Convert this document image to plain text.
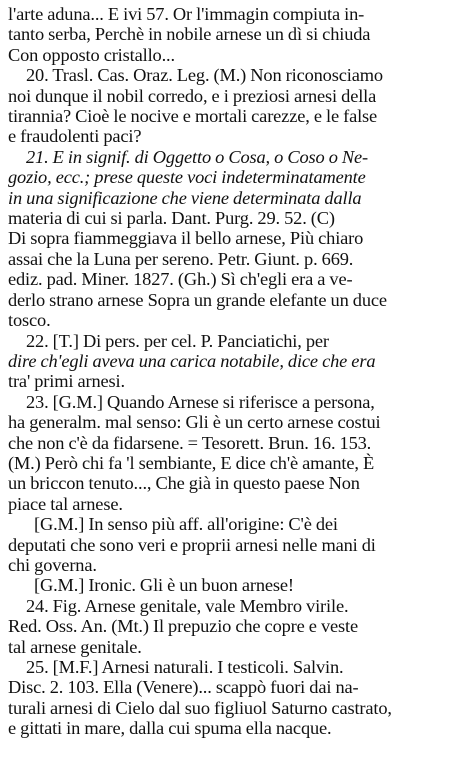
l'arte aduna... E ivi 57. Or l'immagin compiuta in-
tanto serba, Perchè in nobile arnese un dì si chiuda
Con opposto cristallo...

20. Trasl. Cas. Oraz. Leg. (M.) Non riconosciamo
noi dunque il nobil corredo, e i preziosi arnesi della
tirannia? Cioè le nocive e mortali carezze, e le false
e fraudolenti paci?

21. E in signif. di Oggetto o Cosa, o Coso o Ne-
gozio, ecc.; prese queste voci indeterminatamente
in una significazione che viene determinata dalla
materia di cui si parla. Dant. Purg. 29. 52. (C)
Di sopra fiammeggiava il bello arnese, Più chiaro
assai che la Luna per sereno. Petr. Giunt. p. 669.
ediz. pad. Miner. 1827. (Gh.) Sì ch'egli era a ve-
derlo strano arnese Sopra un grande elefante un duce
tosco.

22. [T.] Di pers. per cel. P. Panciatichi, per
dire ch'egli aveva una carica notabile, dice che era
tra' primi arnesi.

23. [G.M.] Quando Arnese si riferisce a persona,
ha generalm. mal senso: Gli è un certo arnese costui
che non c'è da fidarsene. = Tesorett. Brun. 16. 153.
(M.) Però chi fa 'l sembiante, E dice ch'è amante, È
un briccon tenuto..., Che già in questo paese Non
piace tal arnese.

[G.M.] In senso più aff. all'origine: C'è dei
deputati che sono veri e proprii arnesi nelle mani di
chi governa.

[G.M.] Ironic. Gli è un buon arnese!

24. Fig. Arnese genitale, vale Membro virile.
Red. Oss. An. (Mt.) Il prepuzio che copre e veste
tal arnese genitale.

25. [M.F.] Arnesi naturali. I testicoli. Salvin.
Disc. 2. 103. Ella (Venere)... scappò fuori dai na-
turali arnesi di Cielo dal suo figliuol Saturno castrato,
e gittati in mare, dalla cui spuma ella nacque.
